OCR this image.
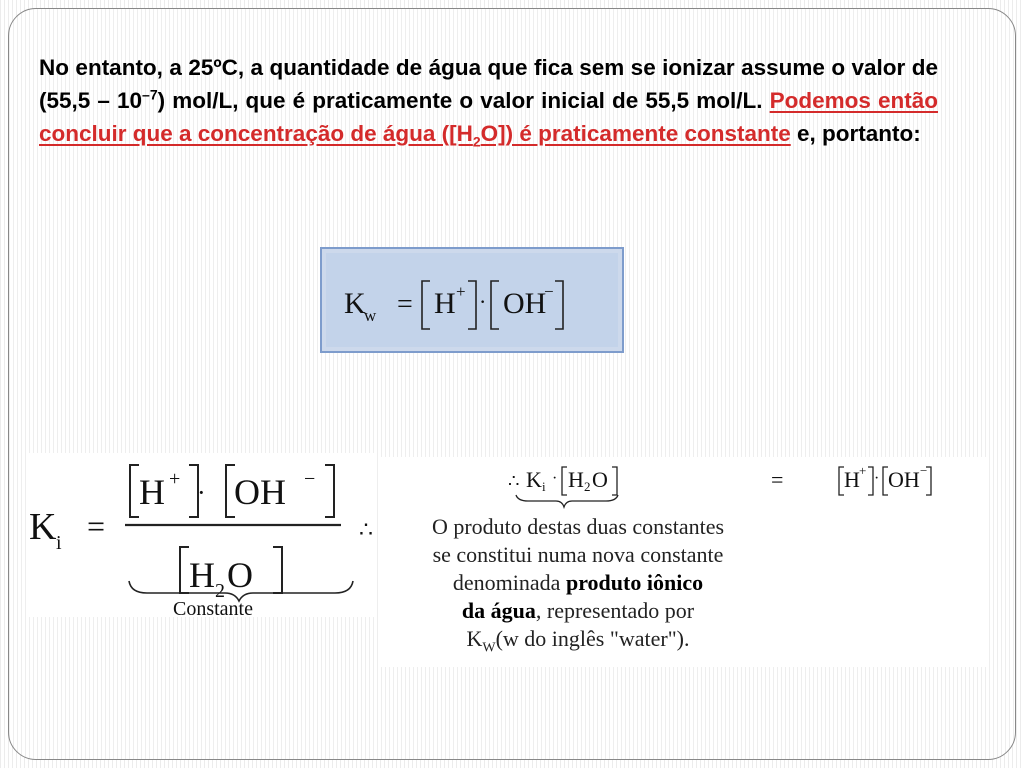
No entanto, a 25ºC, a quantidade de água que fica sem se ionizar assume o valor de $(55,5 - 10^{-7})$ mol/L, que é praticamente o valor inicial de 55,5 mol/L. Podemos então concluir que a concentração de água $([H_2O])$ é praticamente constante e, portanto:

K
w = H + · OH
−
K i =
H + · OH −
H 2 O
Constante
∴
∴ K i · H 2 O	=	H + · OH −
O produto destas duas constantes
se constitui numa nova constante
denominada produto iônico
da água, representado por
$K_W(w$ do inglês "water").
